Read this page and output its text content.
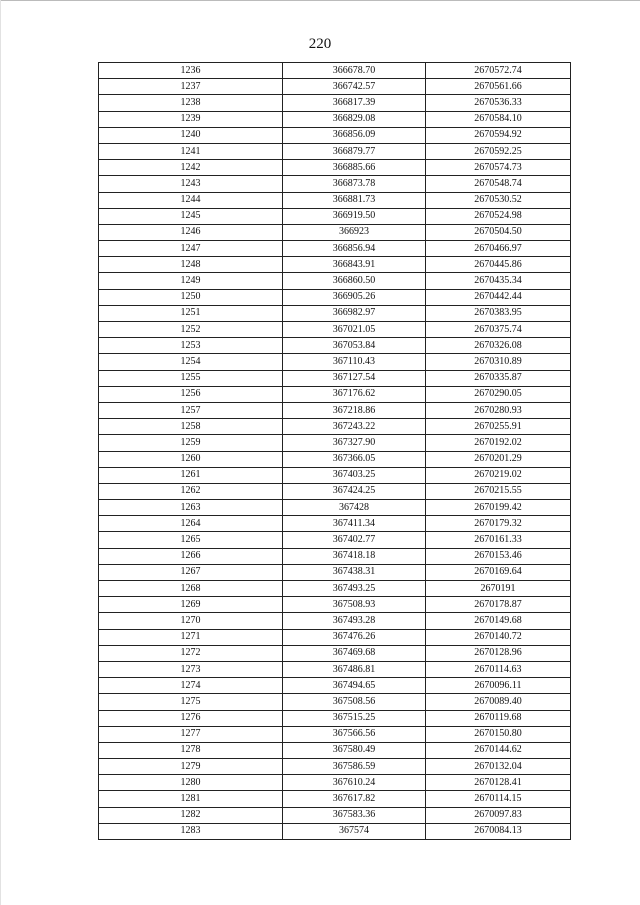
220
1236	366678.70	2670572.74
1237	366742.57	2670561.66
1238	366817.39	2670536.33
1239	366829.08	2670584.10
1240	366856.09	2670594.92
1241	366879.77	2670592.25
1242	366885.66	2670574.73
1243	366873.78	2670548.74
1244	366881.73	2670530.52
1245	366919.50	2670524.98
1246	366923	2670504.50
1247	366856.94	2670466.97
1248	366843.91	2670445.86
1249	366860.50	2670435.34
1250	366905.26	2670442.44
1251	366982.97	2670383.95
1252	367021.05	2670375.74
1253	367053.84	2670326.08
1254	367110.43	2670310.89
1255	367127.54	2670335.87
1256	367176.62	2670290.05
1257	367218.86	2670280.93
1258	367243.22	2670255.91
1259	367327.90	2670192.02
1260	367366.05	2670201.29
1261	367403.25	2670219.02
1262	367424.25	2670215.55
1263	367428	2670199.42
1264	367411.34	2670179.32
1265	367402.77	2670161.33
1266	367418.18	2670153.46
1267	367438.31	2670169.64
1268	367493.25	2670191
1269	367508.93	2670178.87
1270	367493.28	2670149.68
1271	367476.26	2670140.72
1272	367469.68	2670128.96
1273	367486.81	2670114.63
1274	367494.65	2670096.11
1275	367508.56	2670089.40
1276	367515.25	2670119.68
1277	367566.56	2670150.80
1278	367580.49	2670144.62
1279	367586.59	2670132.04
1280	367610.24	2670128.41
1281	367617.82	2670114.15
1282	367583.36	2670097.83
1283	367574	2670084.13
